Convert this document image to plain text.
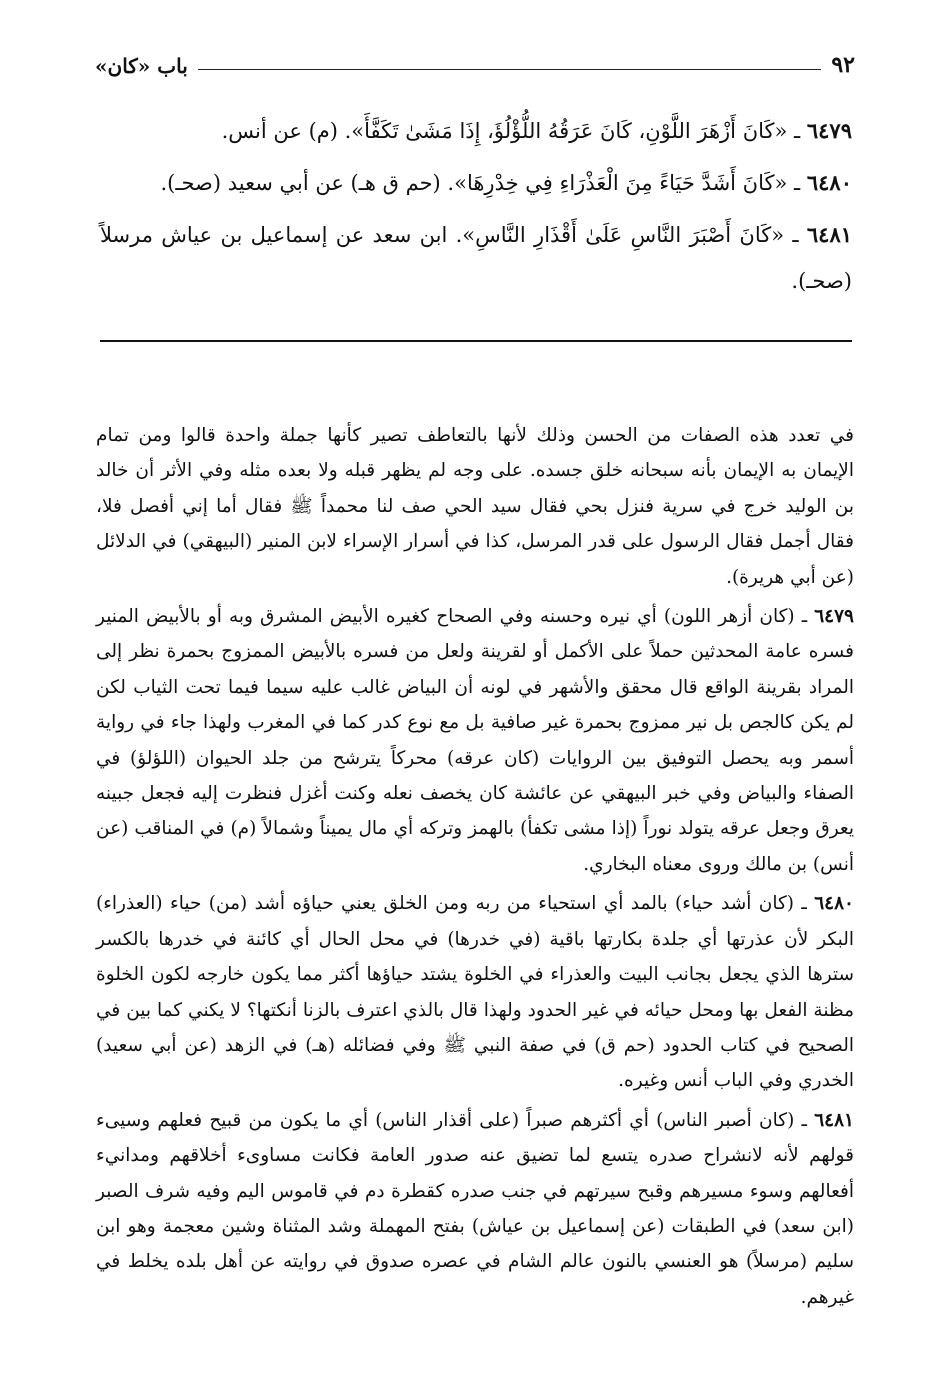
٩٢
باب «كان»
٦٤٧٩ ـ «كَانَ أَزْهَرَ اللَّوْنِ، كَانَ عَرَقُهُ اللُّؤْلُؤَ، إِذَا مَشَىٰ تَكَفَّأَ». (م) عن أنس.
٦٤٨٠ ـ «كَانَ أَشَدَّ حَيَاءً مِنَ الْعَذْرَاءِ فِي خِدْرِهَا». (حم ق هـ) عن أبي سعيد (صحـ).
٦٤٨١ ـ «كَانَ أَصْبَرَ النَّاسِ عَلَىٰ أَقْذَارِ النَّاسِ». ابن سعد عن إسماعيل بن عياش مرسلاً (صحـ).

في تعدد هذه الصفات من الحسن وذلك لأنها بالتعاطف تصير كأنها جملة واحدة قالوا ومن تمام الإيمان به الإيمان بأنه سبحانه خلق جسده. على وجه لم يظهر قبله ولا بعده مثله وفي الأثر أن خالد بن الوليد خرج في سرية فنزل بحي فقال سيد الحي صف لنا محمداً ﷺ فقال أما إني أفصل فلا، فقال أجمل فقال الرسول على قدر المرسل، كذا في أسرار الإسراء لابن المنير (البيهقي) في الدلائل (عن أبي هريرة).

٦٤٧٩ ـ (كان أزهر اللون) أي نيره وحسنه وفي الصحاح كغيره الأبيض المشرق وبه أو بالأبيض المنير فسره عامة المحدثين حملاً على الأكمل أو لقرينة ولعل من فسره بالأبيض الممزوج بحمرة نظر إلى المراد بقرينة الواقع قال محقق والأشهر في لونه أن البياض غالب عليه سيما فيما تحت الثياب لكن لم يكن كالجص بل نير ممزوج بحمرة غير صافية بل مع نوع كدر كما في المغرب ولهذا جاء في رواية أسمر وبه يحصل التوفيق بين الروايات (كان عرقه) محركاً يترشح من جلد الحيوان (اللؤلؤ) في الصفاء والبياض وفي خبر البيهقي عن عائشة كان يخصف نعله وكنت أغزل فنظرت إليه فجعل جبينه يعرق وجعل عرقه يتولد نوراً (إذا مشى تكفأ) بالهمز وتركه أي مال يميناً وشمالاً (م) في المناقب (عن أنس) بن مالك وروى معناه البخاري.

٦٤٨٠ ـ (كان أشد حياء) بالمد أي استحياء من ربه ومن الخلق يعني حياؤه أشد (من) حياء (العذراء) البكر لأن عذرتها أي جلدة بكارتها باقية (في خدرها) في محل الحال أي كائنة في خدرها بالكسر سترها الذي يجعل بجانب البيت والعذراء في الخلوة يشتد حياؤها أكثر مما يكون خارجه لكون الخلوة مظنة الفعل بها ومحل حيائه في غير الحدود ولهذا قال بالذي اعترف بالزنا أنكتها؟ لا يكني كما بين في الصحيح في كتاب الحدود (حم ق) في صفة النبي ﷺ وفي فضائله (هـ) في الزهد (عن أبي سعيد) الخدري وفي الباب أنس وغيره.

٦٤٨١ ـ (كان أصبر الناس) أي أكثرهم صبراً (على أقذار الناس) أي ما يكون من قبيح فعلهم وسيىء قولهم لأنه لانشراح صدره يتسع لما تضيق عنه صدور العامة فكانت مساوىء أخلاقهم ومدانيء أفعالهم وسوء مسيرهم وقبح سيرتهم في جنب صدره كقطرة دم في قاموس اليم وفيه شرف الصبر (ابن سعد) في الطبقات (عن إسماعيل بن عياش) بفتح المهملة وشد المثناة وشين معجمة وهو ابن سليم (مرسلاً) هو العنسي بالنون عالم الشام في عصره صدوق في روايته عن أهل بلده يخلط في غيرهم.
